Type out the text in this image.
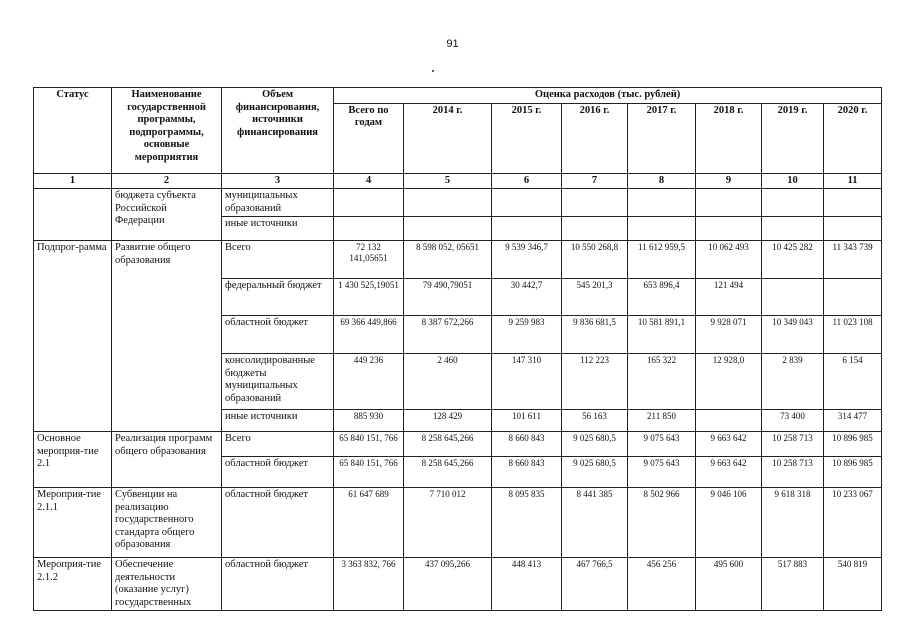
91
Статус	Наименование государственной программы, подпрограммы, основные мероприятия	Объем финансирования, источники финансирования	Оценка расходов (тыс. рублей)							
			Всего по годам	2014 г.	2015 г.	2016 г.	2017 г.	2018 г.	2019 г.	2020 г.
1	2	3	4	5	6	7	8	9	10	11
	бюджета субъекта Российской Федерации	муниципальных образований								
		иные источники								
Подпрог-рамма	Развитие общего образования	Всего	72 132 141,05651	8 598 052, 05651	9 539 346,7	10 550 268,8	11 612 959,5	10 062 493	10 425 282	11 343 739
		федеральный бюджет	1 430 525,19051	79 490,79051	30 442,7	545 201,3	653 896,4	121 494		
		областной бюджет	69 366 449,866	8 387 672,266	9 259 983	9 836 681,5	10 581 891,1	9 928 071	10 349 043	11 023 108
		консолидированные бюджеты муниципальных образований	449 236	2 460	147 310	112 223	165 322	12 928,0	2 839	6 154
		иные источники	885 930	128 429	101 611	56 163	211 850		73 400	314 477
Основное мероприя-тие 2.1	Реализация программ общего образования	Всего	65 840 151, 766	8 258 645,266	8 660 843	9 025 680,5	9 075 643	9 663 642	10 258 713	10 896 985
		областной бюджет	65 840 151, 766	8 258 645,266	8 660 843	9 025 680,5	9 075 643	9 663 642	10 258 713	10 896 985
Мероприя-тие 2.1.1	Субвенции на реализацию государственного стандарта общего образования	областной бюджет	61 647 689	7 710 012	8 095 835	8 441 385	8 502 966	9 046 106	9 618 318	10 233 067
Мероприя-тие 2.1.2	Обеспечение деятельности (оказание услуг) государственных	областной бюджет	3 363 832, 766	437 095,266	448 413	467 766,5	456 256	495 600	517 883	540 819
